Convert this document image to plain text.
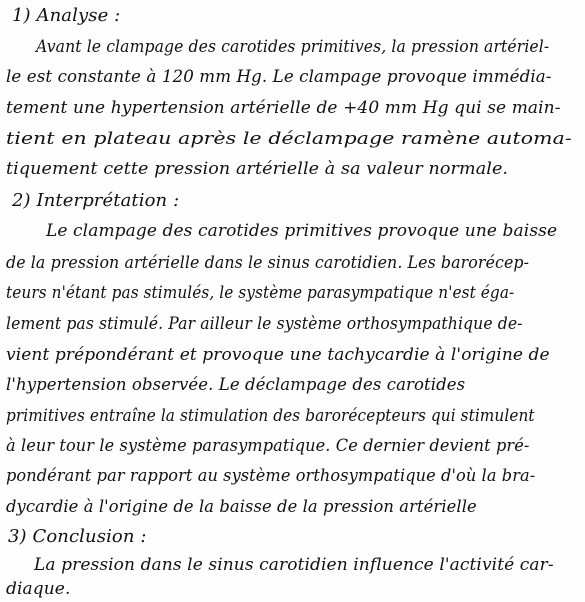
1) Analyse :
Avant le clampage des carotides primitives, la pression artériel-
le est constante à 120 mm Hg. Le clampage provoque immédia-
tement une hypertension artérielle de +40 mm Hg qui se main-
tient en plateau après le déclampage ramène automa-
tiquement cette pression artérielle à sa valeur normale.
2) Interprétation :
Le clampage des carotides primitives provoque une baisse
de la pression artérielle dans le sinus carotidien. Les barorécep-
teurs n'étant pas stimulés, le système parasympatique n'est éga-
lement pas stimulé. Par ailleur le système orthosympathique de-
vient prépondérant et provoque une tachycardie à l'origine de
l'hypertension observée. Le déclampage des carotides
primitives entraîne la stimulation des barorécepteurs qui stimulent
à leur tour le système parasympatique. Ce dernier devient pré-
pondérant par rapport au système orthosympatique d'où la bra-
dycardie à l'origine de la baisse de la pression artérielle
3) Conclusion :
La pression dans le sinus carotidien influence l'activité car-
diaque.
